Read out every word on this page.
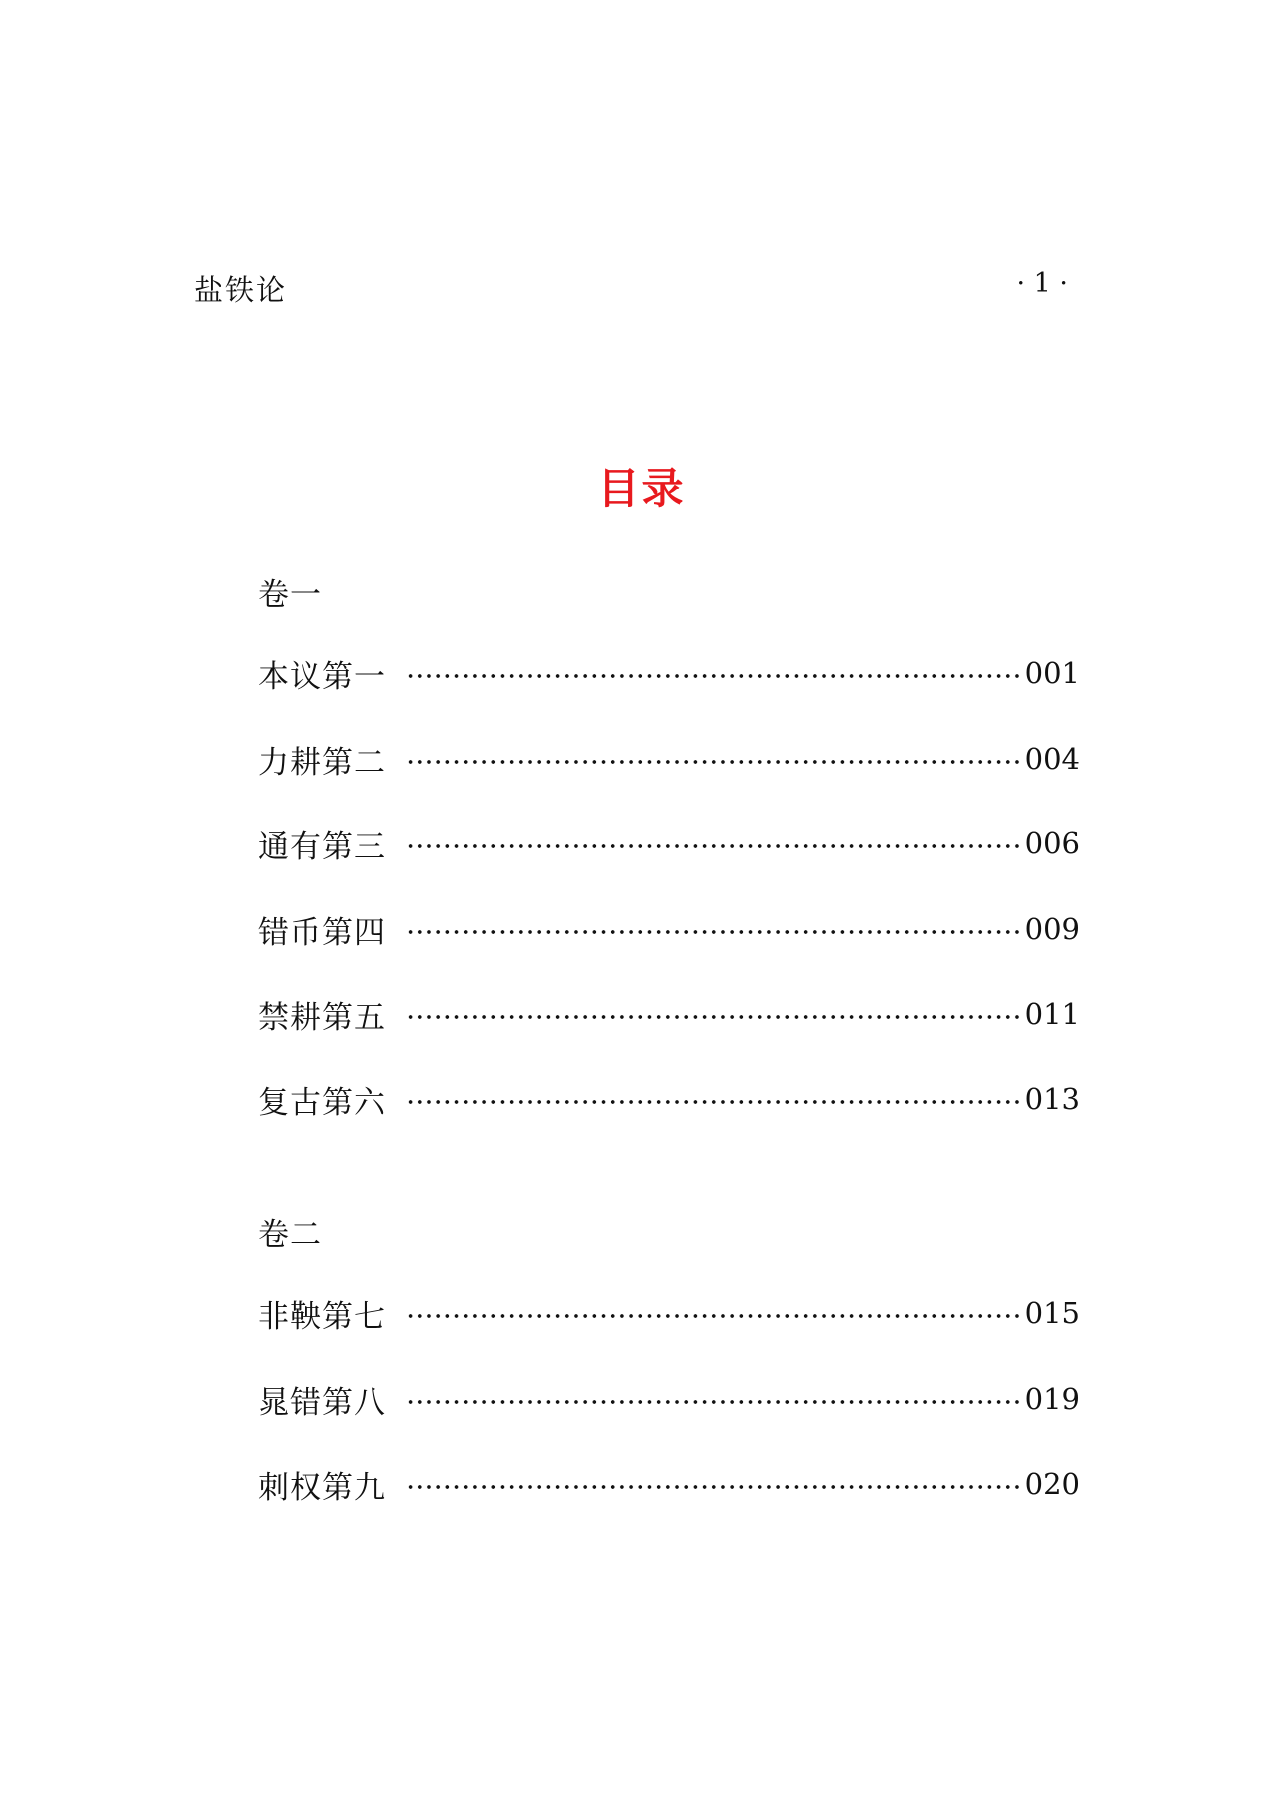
盐铁论	· 1 ·
目录
卷一
本议第一	001
力耕第二	004
通有第三	006
错币第四	009
禁耕第五	011
复古第六	013
卷二
非鞅第七	015
晁错第八	019
刺权第九	020
